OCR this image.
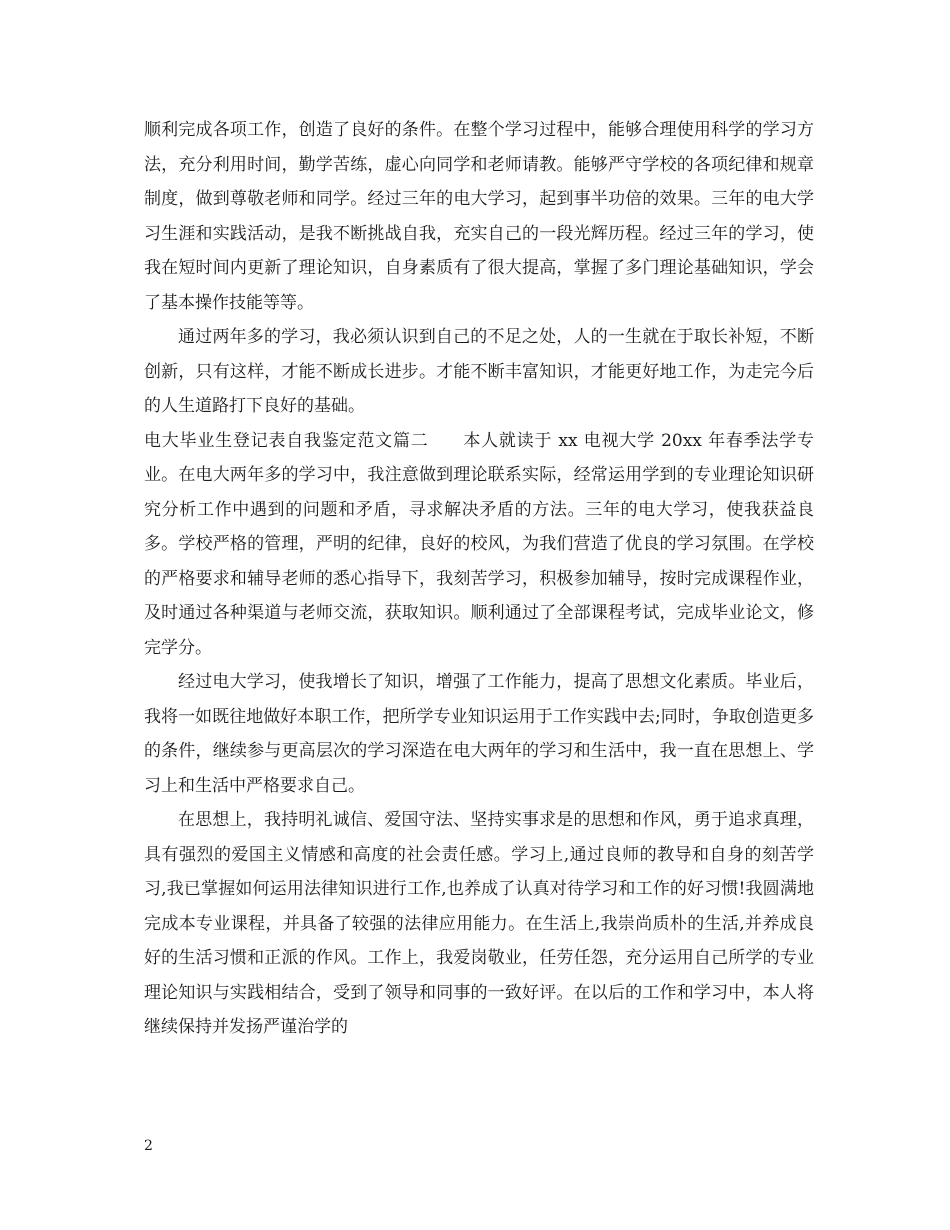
顺利完成各项工作，创造了良好的条件。在整个学习过程中，能够合理使用科学的学习方法，充分利用时间，勤学苦练，虚心向同学和老师请教。能够严守学校的各项纪律和规章制度，做到尊敬老师和同学。经过三年的电大学习，起到事半功倍的效果。三年的电大学习生涯和实践活动，是我不断挑战自我，充实自己的一段光辉历程。经过三年的学习，使我在短时间内更新了理论知识，自身素质有了很大提高，掌握了多门理论基础知识，学会了基本操作技能等等。

通过两年多的学习，我必须认识到自己的不足之处，人的一生就在于取长补短，不断创新，只有这样，才能不断成长进步。才能不断丰富知识，才能更好地工作，为走完今后的人生道路打下良好的基础。

电大毕业生登记表自我鉴定范文篇二 本人就读于 xx 电视大学 20xx 年春季法学专业。在电大两年多的学习中，我注意做到理论联系实际，经常运用学到的专业理论知识研究分析工作中遇到的问题和矛盾，寻求解决矛盾的方法。三年的电大学习，使我获益良多。学校严格的管理，严明的纪律，良好的校风，为我们营造了优良的学习氛围。在学校的严格要求和辅导老师的悉心指导下，我刻苦学习，积极参加辅导，按时完成课程作业，及时通过各种渠道与老师交流，获取知识。顺利通过了全部课程考试，完成毕业论文，修完学分。

经过电大学习，使我增长了知识，增强了工作能力，提高了思想文化素质。毕业后，我将一如既往地做好本职工作，把所学专业知识运用于工作实践中去;同时，争取创造更多的条件，继续参与更高层次的学习深造在电大两年的学习和生活中，我一直在思想上、学习上和生活中严格要求自己。

在思想上，我持明礼诚信、爱国守法、坚持实事求是的思想和作风，勇于追求真理，具有强烈的爱国主义情感和高度的社会责任感。学习上,通过良师的教导和自身的刻苦学习,我已掌握如何运用法律知识进行工作,也养成了认真对待学习和工作的好习惯!我圆满地完成本专业课程，并具备了较强的法律应用能力。在生活上,我崇尚质朴的生活,并养成良好的生活习惯和正派的作风。工作上，我爱岗敬业，任劳任怨，充分运用自己所学的专业理论知识与实践相结合，受到了领导和同事的一致好评。在以后的工作和学习中，本人将继续保持并发扬严谨治学的

2
